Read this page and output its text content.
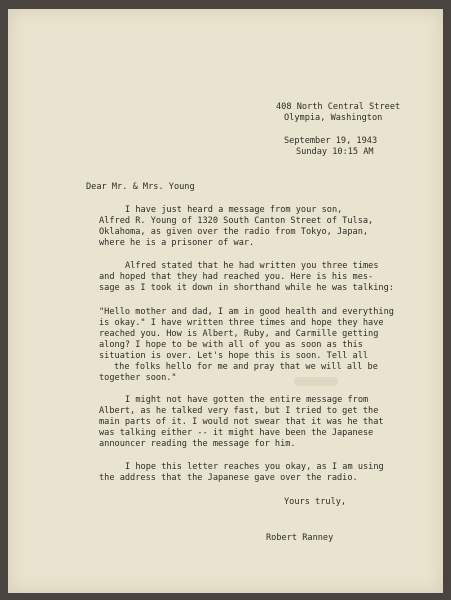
408 North Central Street

Olympia, Washington

September 19, 1943

Sunday 10:15 AM

Dear Mr. & Mrs. Young

I have just heard a message from your son,

Alfred R. Young of 1320 South Canton Street of Tulsa,

Oklahoma, as given over the radio from Tokyo, Japan,

where he is a prisoner of war.

Alfred stated that he had written you three times

and hoped that they had reached you. Here is his mes-

sage as I took it down in shorthand while he was talking:

"Hello mother and dad, I am in good health and everything

is okay." I have written three times and hope they have

reached you. How is Albert, Ruby, and Carmille getting

along? I hope to be with all of you as soon as this

situation is over. Let's hope this is soon. Tell all

the folks hello for me and pray that we will all be

together soon."

I might not have gotten the entire message from

Albert, as he talked very fast, but I tried to get the

main parts of it. I would not swear that it was he that

was talking either -- it might have been the Japanese

announcer reading the message for him.

I hope this letter reaches you okay, as I am using

the address that the Japanese gave over the radio.

Yours truly,

Robert Ranney
